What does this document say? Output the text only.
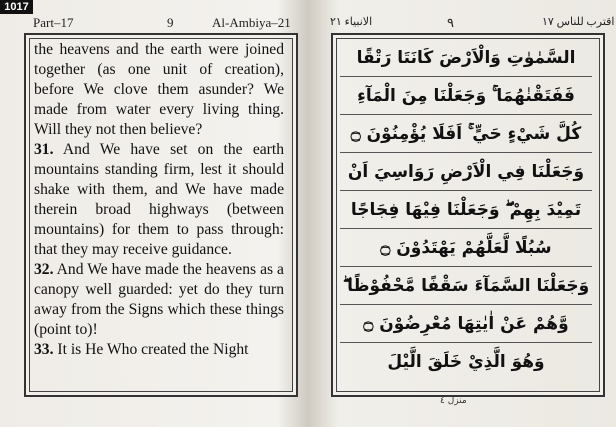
1017
Part–17	9	Al-Ambiya–21	الانبیاء ٢١	٩	اقترب للناس ١٧

the heavens and the earth were joined together (as one unit of creation), before We clove them asunder? We made from water every living thing. Will they not then believe?

31. And We have set on the earth mountains standing firm, lest it should shake with them, and We have made therein broad highways (between mountains) for them to pass through: that they may receive guidance.

32. And We have made the heavens as a canopy well guarded: yet do they turn away from the Signs which these things (point to)!

33. It is He Who created the Night

السَّمٰوٰتِ وَالْاَرْضَ كَانَتَا رَتْقًا
فَفَتَقْنٰهُمَا ۚ وَجَعَلْنَا مِنَ الْمَآءِ
كُلَّ شَيْءٍ حَيٍّ ۚ اَفَلَا يُؤْمِنُوْنَ ۝
وَجَعَلْنَا فِي الْاَرْضِ رَوَاسِيَ اَنْ
تَمِيْدَ بِهِمْ ۖ وَجَعَلْنَا فِيْهَا فِجَاجًا
سُبُلًا لَّعَلَّهُمْ يَهْتَدُوْنَ ۝
وَجَعَلْنَا السَّمَآءَ سَقْفًا مَّحْفُوْظًا ۖ
وَّهُمْ عَنْ اٰيٰتِهَا مُعْرِضُوْنَ ۝
وَهُوَ الَّذِيْ خَلَقَ الَّيْلَ
منزل ٤
